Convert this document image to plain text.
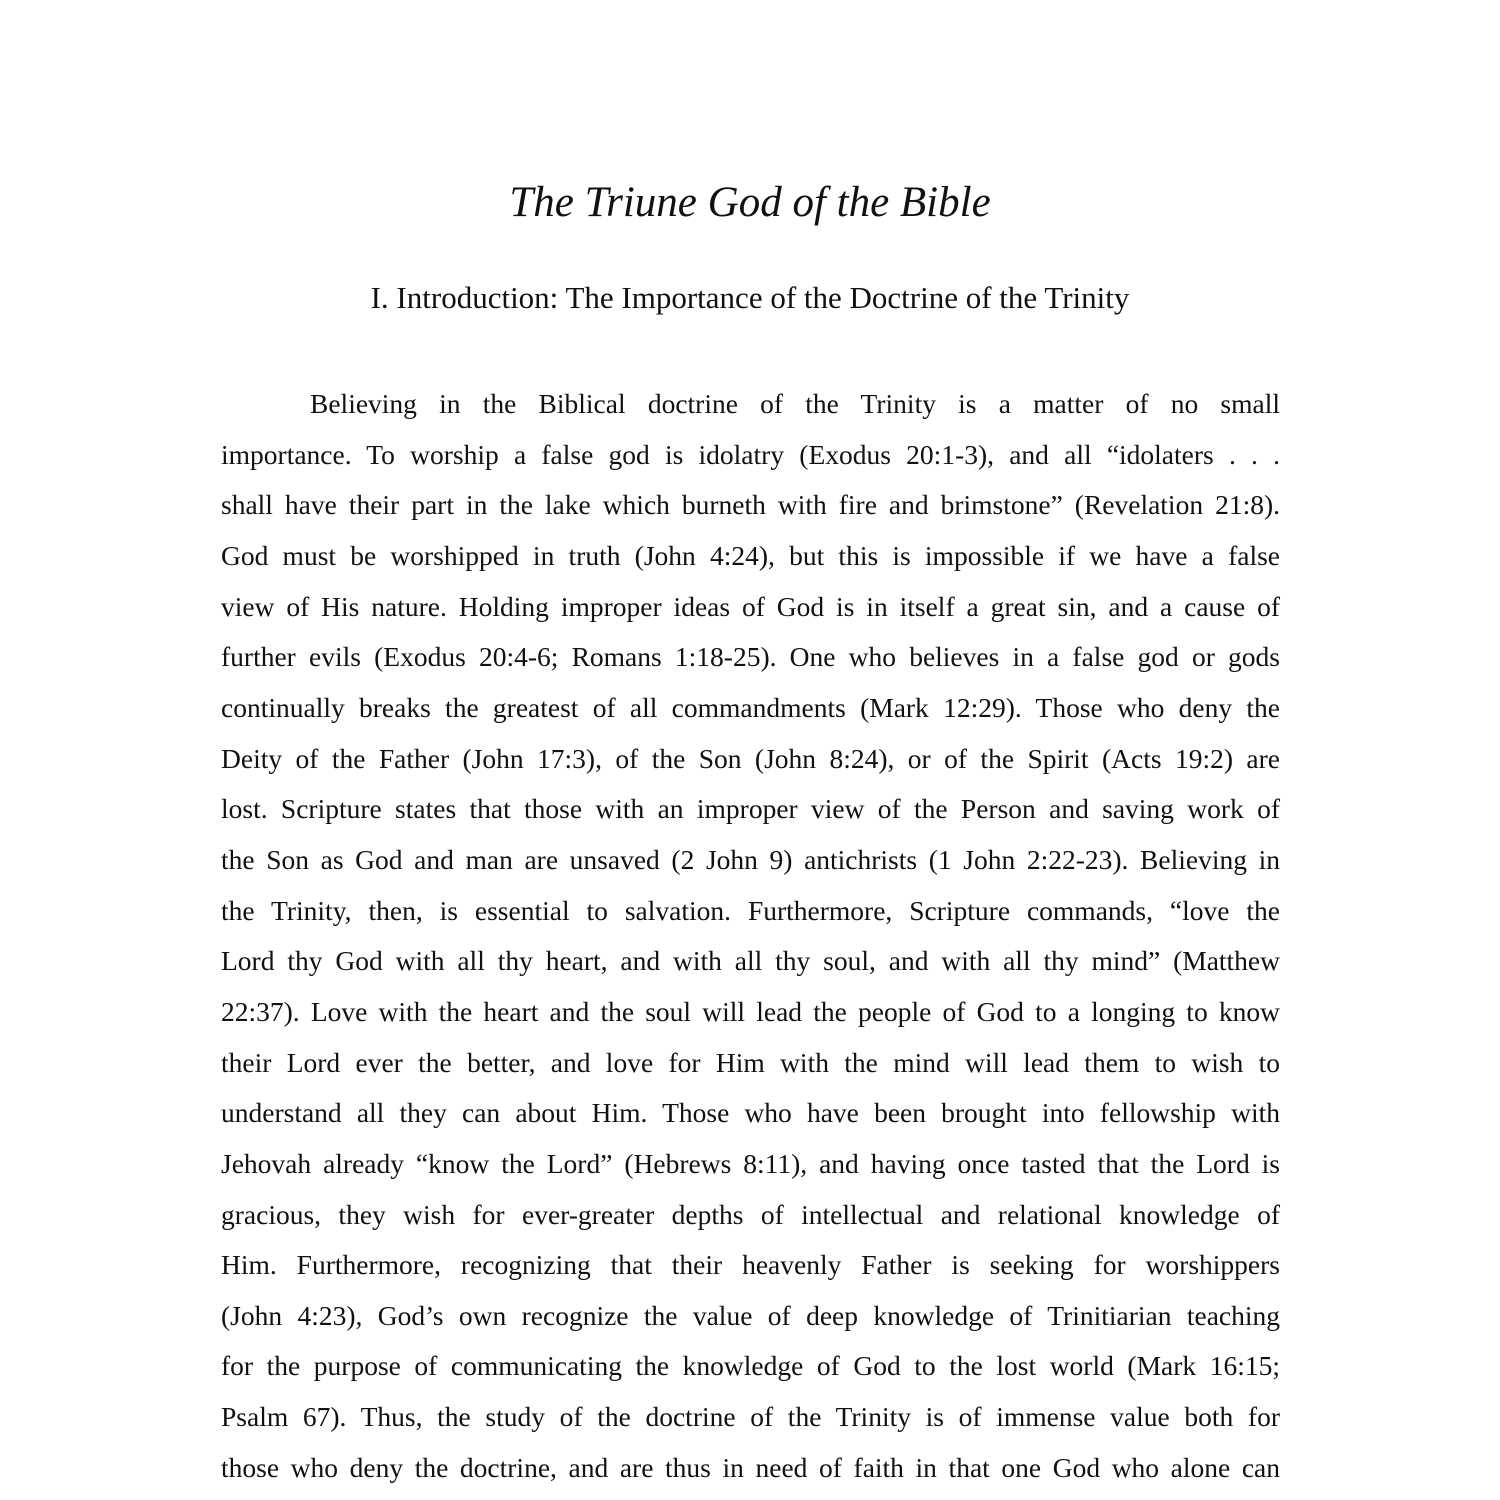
The Triune God of the Bible
I. Introduction: The Importance of the Doctrine of the Trinity
Believing in the Biblical doctrine of the Trinity is a matter of no small
importance. To worship a false god is idolatry (Exodus 20:1-3), and all “idolaters . . .
shall have their part in the lake which burneth with fire and brimstone” (Revelation 21:8).
God must be worshipped in truth (John 4:24), but this is impossible if we have a false
view of His nature. Holding improper ideas of God is in itself a great sin, and a cause of
further evils (Exodus 20:4-6; Romans 1:18-25). One who believes in a false god or gods
continually breaks the greatest of all commandments (Mark 12:29). Those who deny the
Deity of the Father (John 17:3), of the Son (John 8:24), or of the Spirit (Acts 19:2) are
lost. Scripture states that those with an improper view of the Person and saving work of
the Son as God and man are unsaved (2 John 9) antichrists (1 John 2:22-23). Believing in
the Trinity, then, is essential to salvation. Furthermore, Scripture commands, “love the
Lord thy God with all thy heart, and with all thy soul, and with all thy mind” (Matthew
22:37). Love with the heart and the soul will lead the people of God to a longing to know
their Lord ever the better, and love for Him with the mind will lead them to wish to
understand all they can about Him. Those who have been brought into fellowship with
Jehovah already “know the Lord” (Hebrews 8:11), and having once tasted that the Lord is
gracious, they wish for ever-greater depths of intellectual and relational knowledge of
Him. Furthermore, recognizing that their heavenly Father is seeking for worshippers
(John 4:23), God’s own recognize the value of deep knowledge of Trinitiarian teaching
for the purpose of communicating the knowledge of God to the lost world (Mark 16:15;
Psalm 67). Thus, the study of the doctrine of the Trinity is of immense value both for
those who deny the doctrine, and are thus in need of faith in that one God who alone can
